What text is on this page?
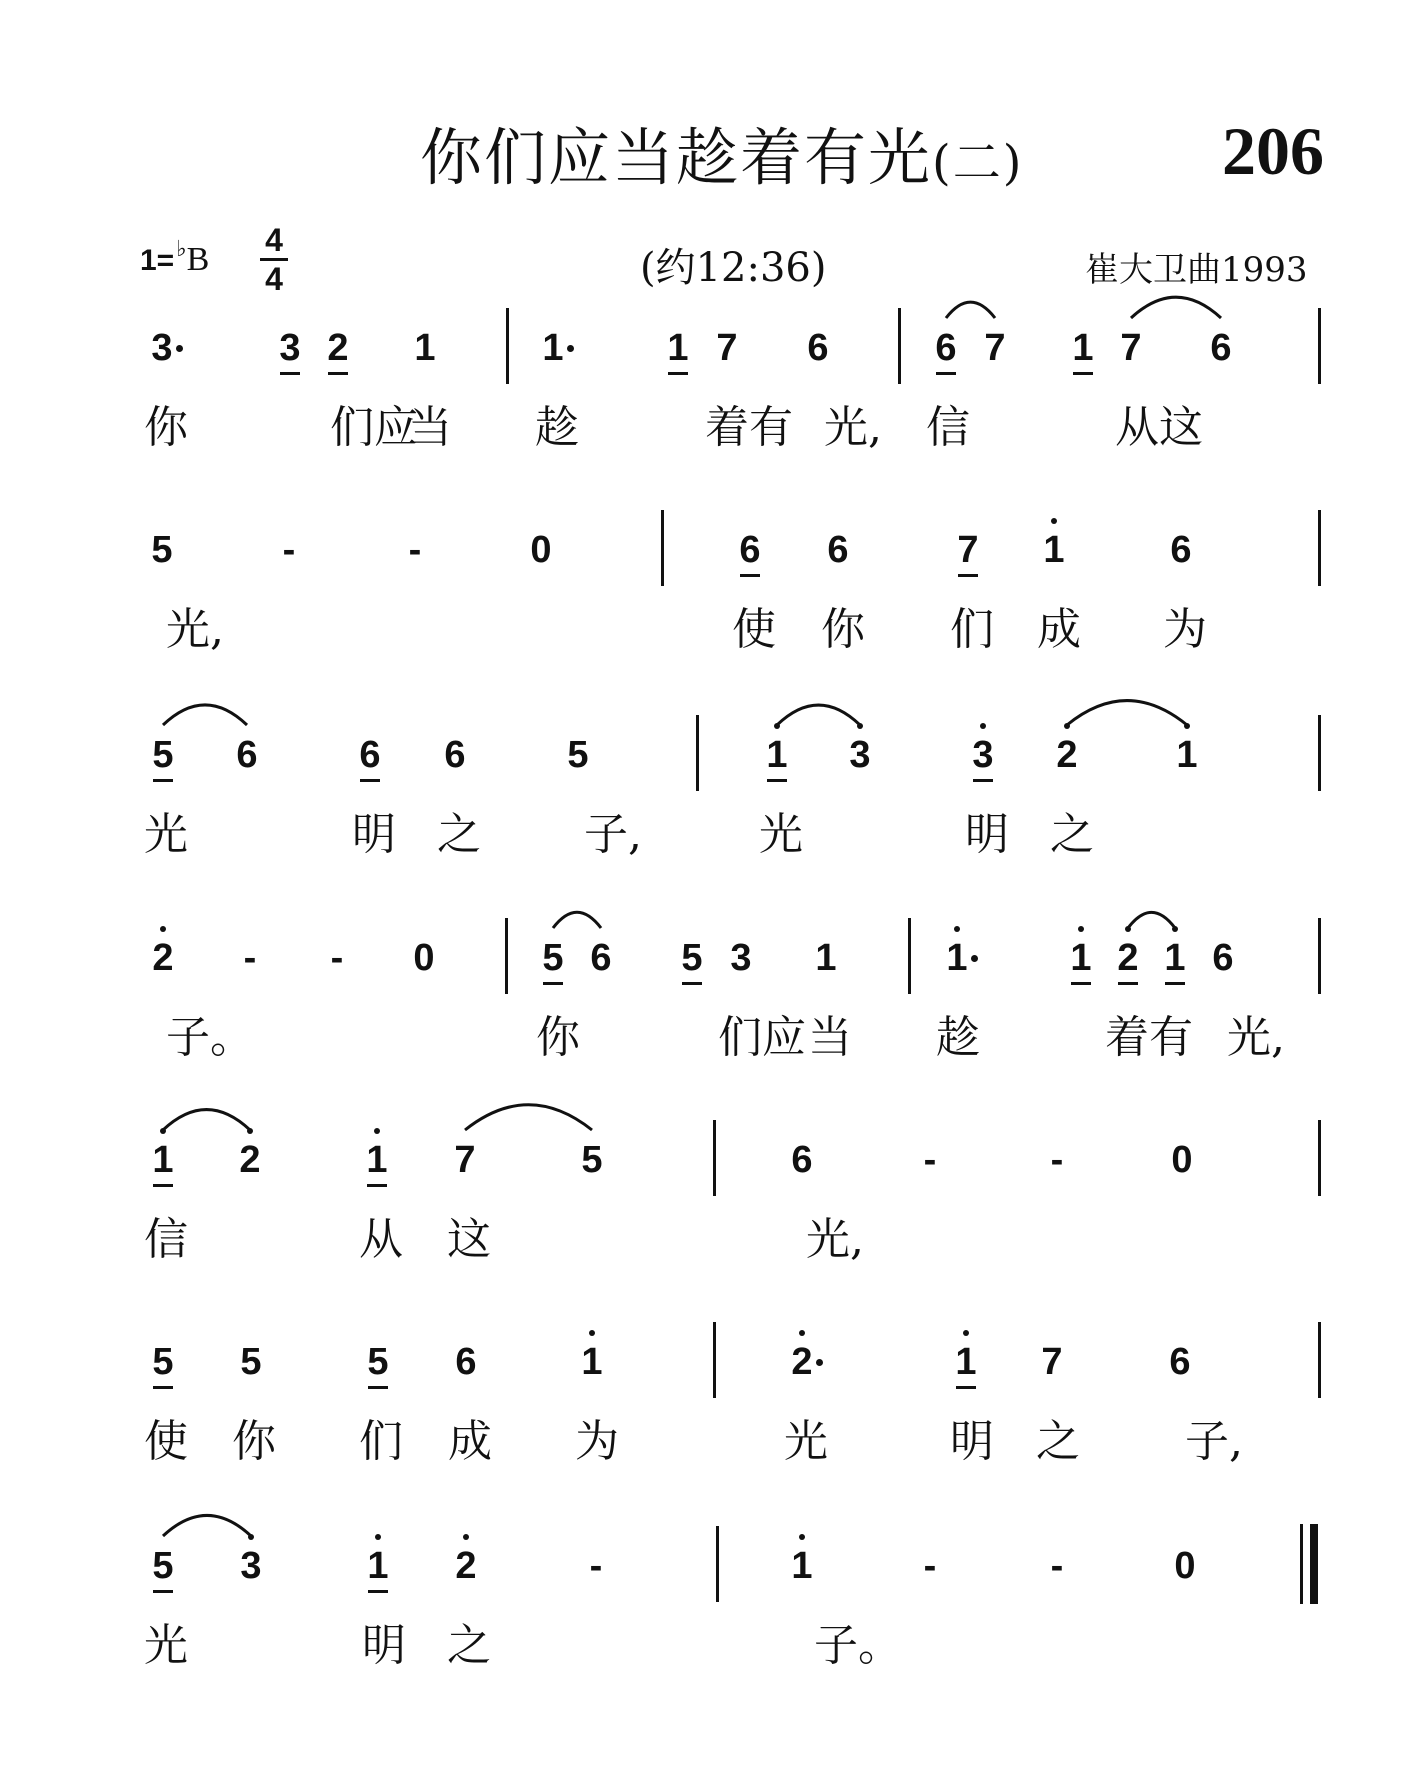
你们应当趁着有光(二)	206
1=♭B
4
4	(约12:36)	崔大卫曲1993
3	3 2 1	1	1 7 6	6 7 1 7 6
你	们应
当 趁	着有 光, 信	从这
5	-	-	0	6 6	7 1	6
光,	使 你 们 成 为
5 6	6 6	5	1 3	3 2	1
光	明 之 子,	光	明 之
2 - - 0	5 6 5 3 1	1	1 2 1 6
子。	你	们应 当 趁	着有 光,
1 2	1 7	5	6	-	-	0
信	从 这	光,
5 5	5 6	1	2	1 7	6
使 你 们 成 为	光	明 之 子,
5 3	1 2	-	1	-	-	0
光	明 之	子。
